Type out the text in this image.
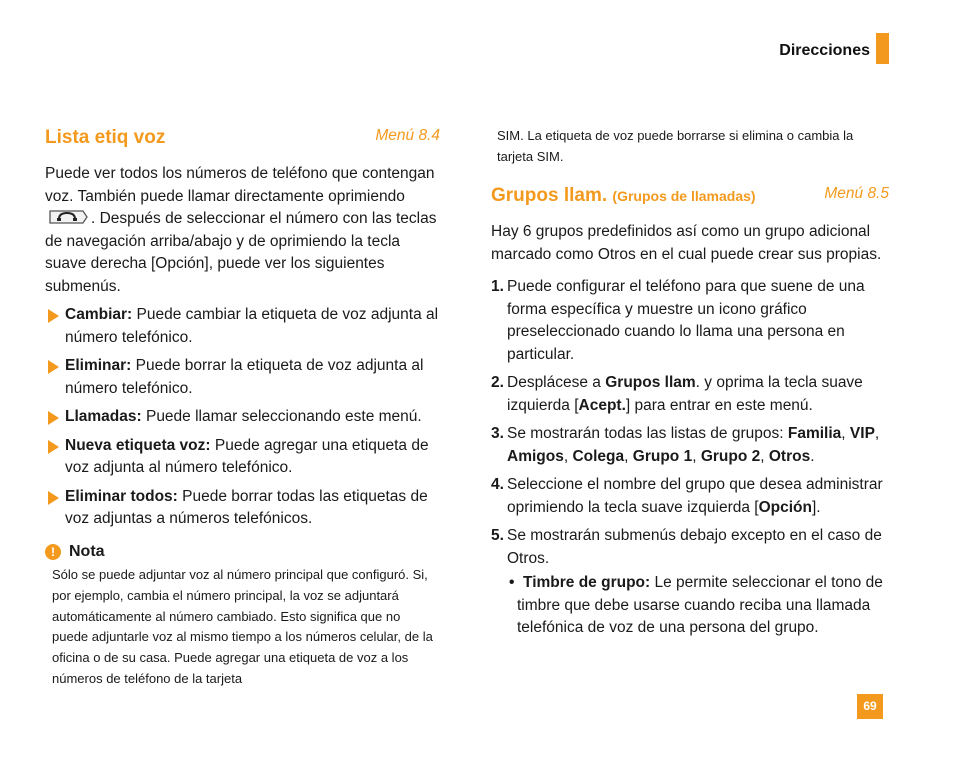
Direcciones
Lista etiq voz	Menú 8.4

Puede ver todos los números de teléfono que contengan voz. También puede llamar directamente oprimiendo . Después de seleccionar el número con las teclas de navegación arriba/abajo y de oprimiendo la tecla suave derecha [Opción], puede ver los siguientes submenús.

Cambiar: Puede cambiar la etiqueta de voz adjunta al número telefónico.
Eliminar: Puede borrar la etiqueta de voz adjunta al número telefónico.
Llamadas: Puede llamar seleccionando este menú.
Nueva etiqueta voz: Puede agregar una etiqueta de voz adjunta al número telefónico.
Eliminar todos: Puede borrar todas las etiquetas de voz adjuntas a números telefónicos.
! Nota

Sólo se puede adjuntar voz al número principal que configuró. Si, por ejemplo, cambia el número principal, la voz se adjuntará automáticamente al número cambiado. Esto significa que no puede adjuntarle voz al mismo tiempo a los números celular, de la oficina o de su casa. Puede agregar una etiqueta de voz a los números de teléfono de la tarjeta

SIM. La etiqueta de voz puede borrarse si elimina o cambia la tarjeta SIM.

Grupos llam. (Grupos de llamadas)	Menú 8.5

Hay 6 grupos predefinidos así como un grupo adicional marcado como Otros en el cual puede crear sus propias.

1. Puede configurar el teléfono para que suene de una forma específica y muestre un icono gráfico preseleccionado cuando lo llama una persona en particular.
2. Desplácese a Grupos llam. y oprima la tecla suave izquierda [Acept.] para entrar en este menú.
3. Se mostrarán todas las listas de grupos: Familia, VIP, Amigos, Colega, Grupo 1, Grupo 2, Otros.
4. Seleccione el nombre del grupo que desea administrar oprimiendo la tecla suave izquierda [Opción].
5. Se mostrarán submenús debajo excepto en el caso de Otros.
• Timbre de grupo: Le permite seleccionar el tono de timbre que debe usarse cuando reciba una llamada telefónica de voz de una persona del grupo.
69
